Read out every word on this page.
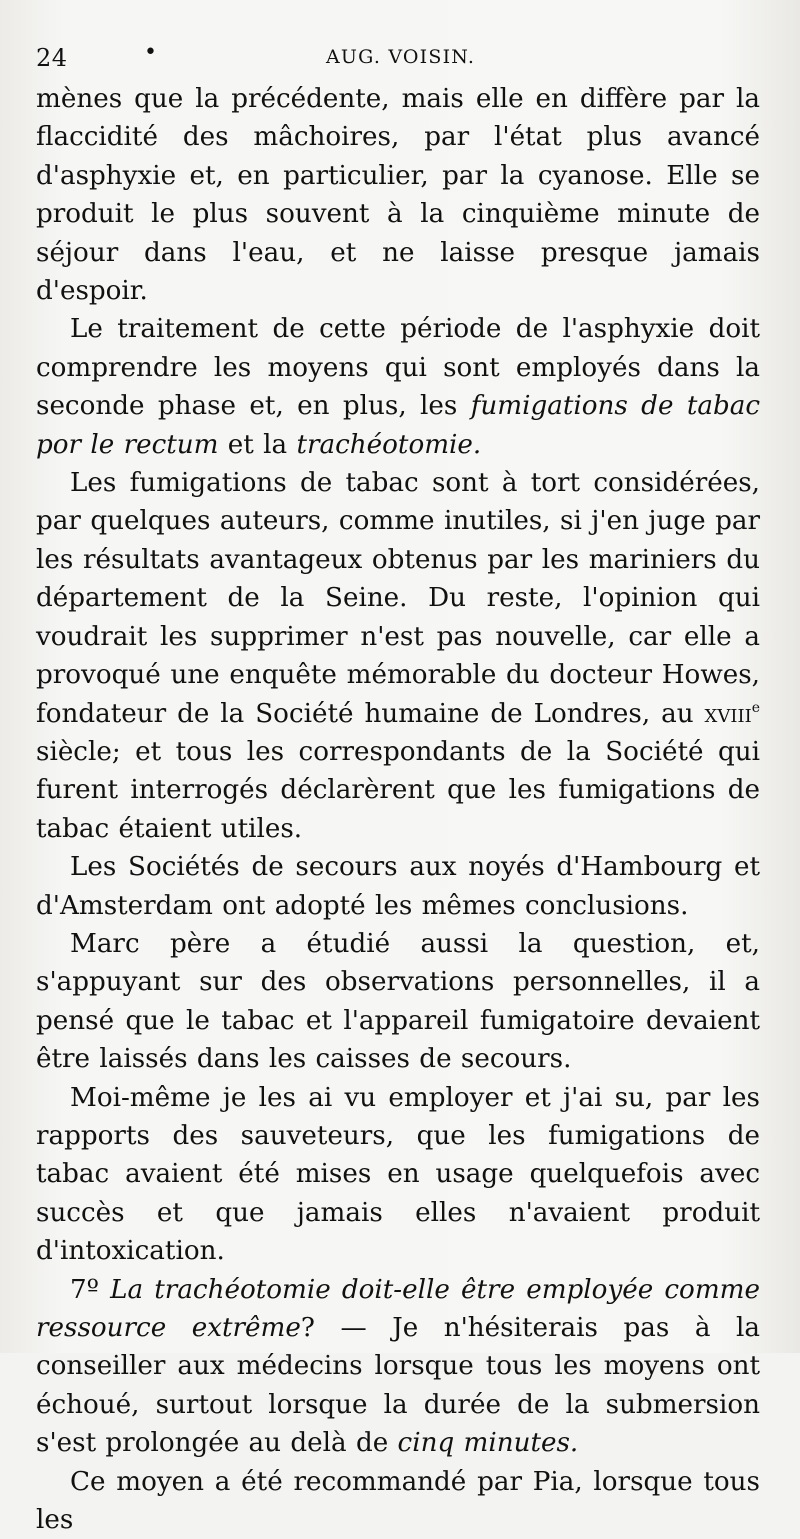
24	•	AUG. VOISIN.

mènes que la précédente, mais elle en diffère par la flaccidité des mâchoires, par l'état plus avancé d'asphyxie et, en particulier, par la cyanose. Elle se produit le plus souvent à la cinquième minute de séjour dans l'eau, et ne laisse presque jamais d'espoir.

Le traitement de cette période de l'asphyxie doit comprendre les moyens qui sont employés dans la seconde phase et, en plus, les fumigations de tabac por le rectum et la trachéotomie.

Les fumigations de tabac sont à tort considérées, par quelques auteurs, comme inutiles, si j'en juge par les résultats avantageux obtenus par les mariniers du département de la Seine. Du reste, l'opinion qui voudrait les supprimer n'est pas nouvelle, car elle a provoqué une enquête mémorable du docteur Howes, fondateur de la Société humaine de Londres, au xviii$^e$ siècle; et tous les correspondants de la Société qui furent interrogés déclarèrent que les fumigations de tabac étaient utiles.

Les Sociétés de secours aux noyés d'Hambourg et d'Amsterdam ont adopté les mêmes conclusions.

Marc père a étudié aussi la question, et, s'appuyant sur des observations personnelles, il a pensé que le tabac et l'appareil fumigatoire devaient être laissés dans les caisses de secours.

Moi-même je les ai vu employer et j'ai su, par les rapports des sauveteurs, que les fumigations de tabac avaient été mises en usage quelquefois avec succès et que jamais elles n'avaient produit d'intoxication.

7º La trachéotomie doit-elle être employée comme ressource extrême? — Je n'hésiterais pas à la conseiller aux médecins lorsque tous les moyens ont échoué, surtout lorsque la durée de la submersion s'est prolongée au delà de cinq minutes.

Ce moyen a été recommandé par Pia, lorsque tous les
